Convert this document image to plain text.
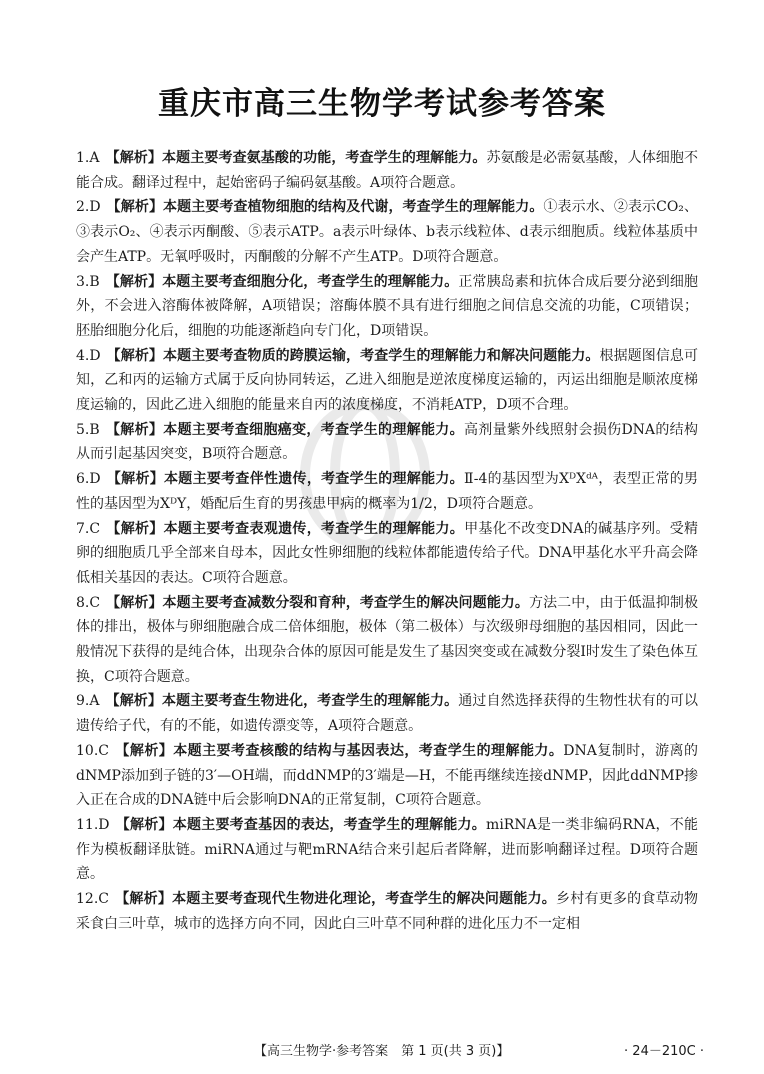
重庆市高三生物学考试参考答案
1.A 【解析】本题主要考查氨基酸的功能，考查学生的理解能力。苏氨酸是必需氨基酸，人体细胞不能合成。翻译过程中，起始密码子编码氨基酸。A项符合题意。
2.D 【解析】本题主要考查植物细胞的结构及代谢，考查学生的理解能力。①表示水、②表示CO₂、③表示O₂、④表示丙酮酸、⑤表示ATP。a表示叶绿体、b表示线粒体、d表示细胞质。线粒体基质中会产生ATP。无氧呼吸时，丙酮酸的分解不产生ATP。D项符合题意。
3.B 【解析】本题主要考查细胞分化，考查学生的理解能力。正常胰岛素和抗体合成后要分泌到细胞外，不会进入溶酶体被降解，A项错误；溶酶体膜不具有进行细胞之间信息交流的功能，C项错误；胚胎细胞分化后，细胞的功能逐渐趋向专门化，D项错误。
4.D 【解析】本题主要考查物质的跨膜运输，考查学生的理解能力和解决问题能力。根据题图信息可知，乙和丙的运输方式属于反向协同转运，乙进入细胞是逆浓度梯度运输的，丙运出细胞是顺浓度梯度运输的，因此乙进入细胞的能量来自丙的浓度梯度，不消耗ATP，D项不合理。
5.B 【解析】本题主要考查细胞癌变，考查学生的理解能力。高剂量紫外线照射会损伤DNA的结构从而引起基因突变，B项符合题意。
6.D 【解析】本题主要考查伴性遗传，考查学生的理解能力。Ⅱ-4的基因型为XᴰXᵈᴬ，表型正常的男性的基因型为XᴰY，婚配后生育的男孩患甲病的概率为1/2，D项符合题意。
7.C 【解析】本题主要考查表观遗传，考查学生的理解能力。甲基化不改变DNA的碱基序列。受精卵的细胞质几乎全部来自母本，因此女性卵细胞的线粒体都能遗传给子代。DNA甲基化水平升高会降低相关基因的表达。C项符合题意。
8.C 【解析】本题主要考查减数分裂和育种，考查学生的解决问题能力。方法二中，由于低温抑制极体的排出，极体与卵细胞融合成二倍体细胞，极体（第二极体）与次级卵母细胞的基因相同，因此一般情况下获得的是纯合体，出现杂合体的原因可能是发生了基因突变或在减数分裂Ⅰ时发生了染色体互换，C项符合题意。
9.A 【解析】本题主要考查生物进化，考查学生的理解能力。通过自然选择获得的生物性状有的可以遗传给子代，有的不能，如遗传漂变等，A项符合题意。
10.C 【解析】本题主要考查核酸的结构与基因表达，考查学生的理解能力。DNA复制时，游离的dNMP添加到子链的3′—OH端，而ddNMP的3′端是—H，不能再继续连接dNMP，因此ddNMP掺入正在合成的DNA链中后会影响DNA的正常复制，C项符合题意。
11.D 【解析】本题主要考查基因的表达，考查学生的理解能力。miRNA是一类非编码RNA，不能作为模板翻译肽链。miRNA通过与靶mRNA结合来引起后者降解，进而影响翻译过程。D项符合题意。
12.C 【解析】本题主要考查现代生物进化理论，考查学生的解决问题能力。乡村有更多的食草动物采食白三叶草，城市的选择方向不同，因此白三叶草不同种群的进化压力不一定相
【高三生物学·参考答案　第 1 页(共 3 页)】	· 24－210C ·
